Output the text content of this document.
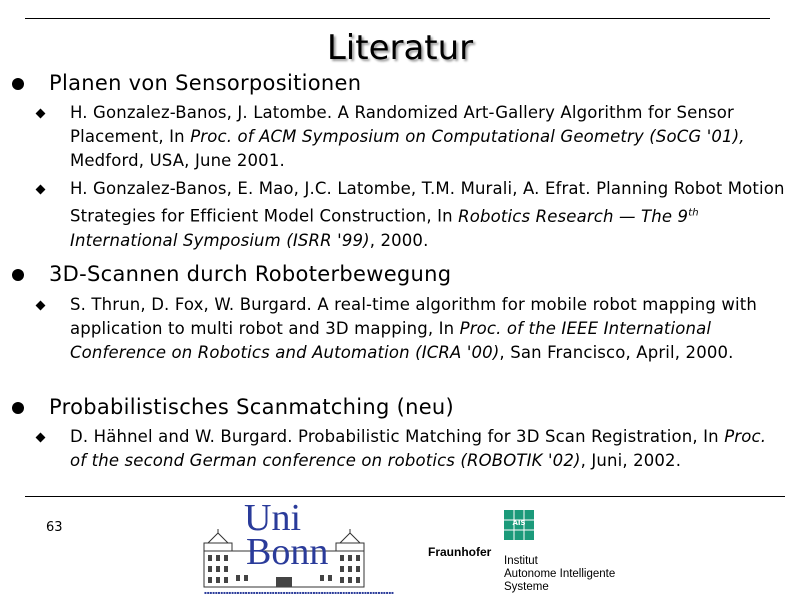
Literatur
Planen von Sensorpositionen
H. Gonzalez-Banos, J. Latombe. A Randomized Art-Gallery Algorithm for Sensor Placement, In Proc. of ACM Symposium on Computational Geometry (SoCG '01), Medford, USA, June 2001.
H. Gonzalez-Banos, E. Mao, J.C. Latombe, T.M. Murali, A. Efrat. Planning Robot Motion Strategies for Efficient Model Construction, In Robotics Research — The 9th International Symposium (ISRR '99), 2000.
3D-Scannen durch Roboterbewegung
S. Thrun, D. Fox, W. Burgard. A real-time algorithm for mobile robot mapping with application to multi robot and 3D mapping, In Proc. of the IEEE International Conference on Robotics and Automation (ICRA '00), San Francisco, April, 2000.
Probabilistisches Scanmatching (neu)
D. Hähnel and W. Burgard. Probabilistic Matching for 3D Scan Registration, In Proc. of the second German conference on robotics (ROBOTIK '02), Juni, 2002.
63	Uni
Bonn
▪▪▪▪▪▪▪▪▪▪▪▪▪▪▪▪▪▪▪▪▪▪▪▪▪▪▪▪▪▪▪▪▪▪▪▪▪▪▪▪▪▪▪▪▪▪▪▪▪▪▪▪▪▪▪▪▪▪▪▪▪▪▪▪▪▪▪▪▪▪
AIS
Fraunhofer
Institut
Autonome Intelligente
Systeme
